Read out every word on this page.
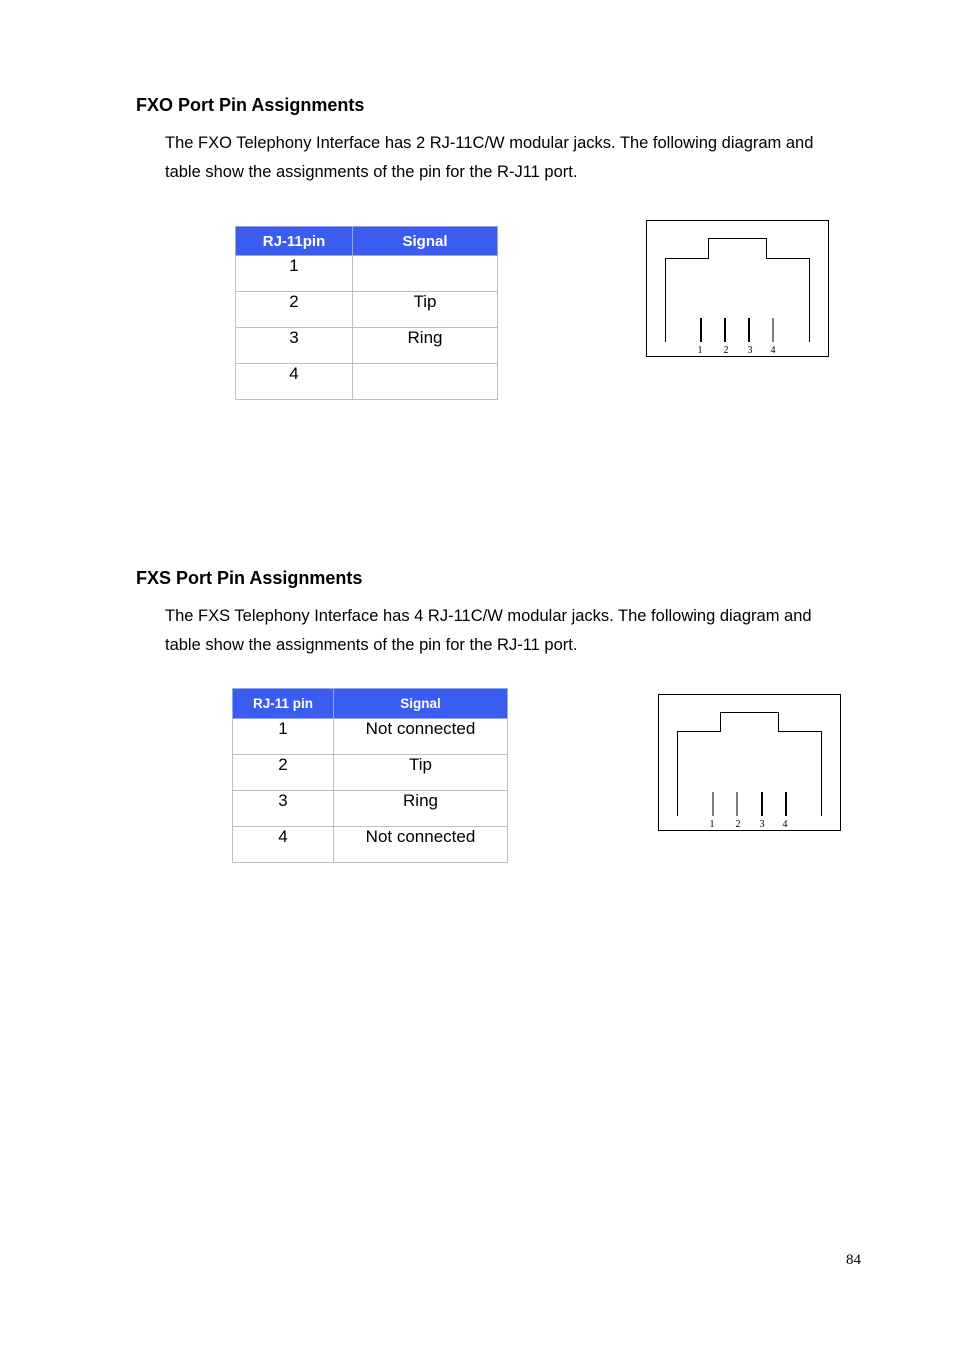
FXO Port Pin Assignments

The FXO Telephony Interface has 2 RJ-11C/W modular jacks. The following diagram and
table show the assignments of the pin for the R-J11 port.

RJ-11pin	Signal
1	
2	Tip
3	Ring
4	
1 2 3 4
FXS Port Pin Assignments

The FXS Telephony Interface has 4 RJ-11C/W modular jacks. The following diagram and
table show the assignments of the pin for the RJ-11 port.

RJ-11 pin	Signal
1	Not connected
2	Tip
3	Ring
4	Not connected
1 2 3 4
84
